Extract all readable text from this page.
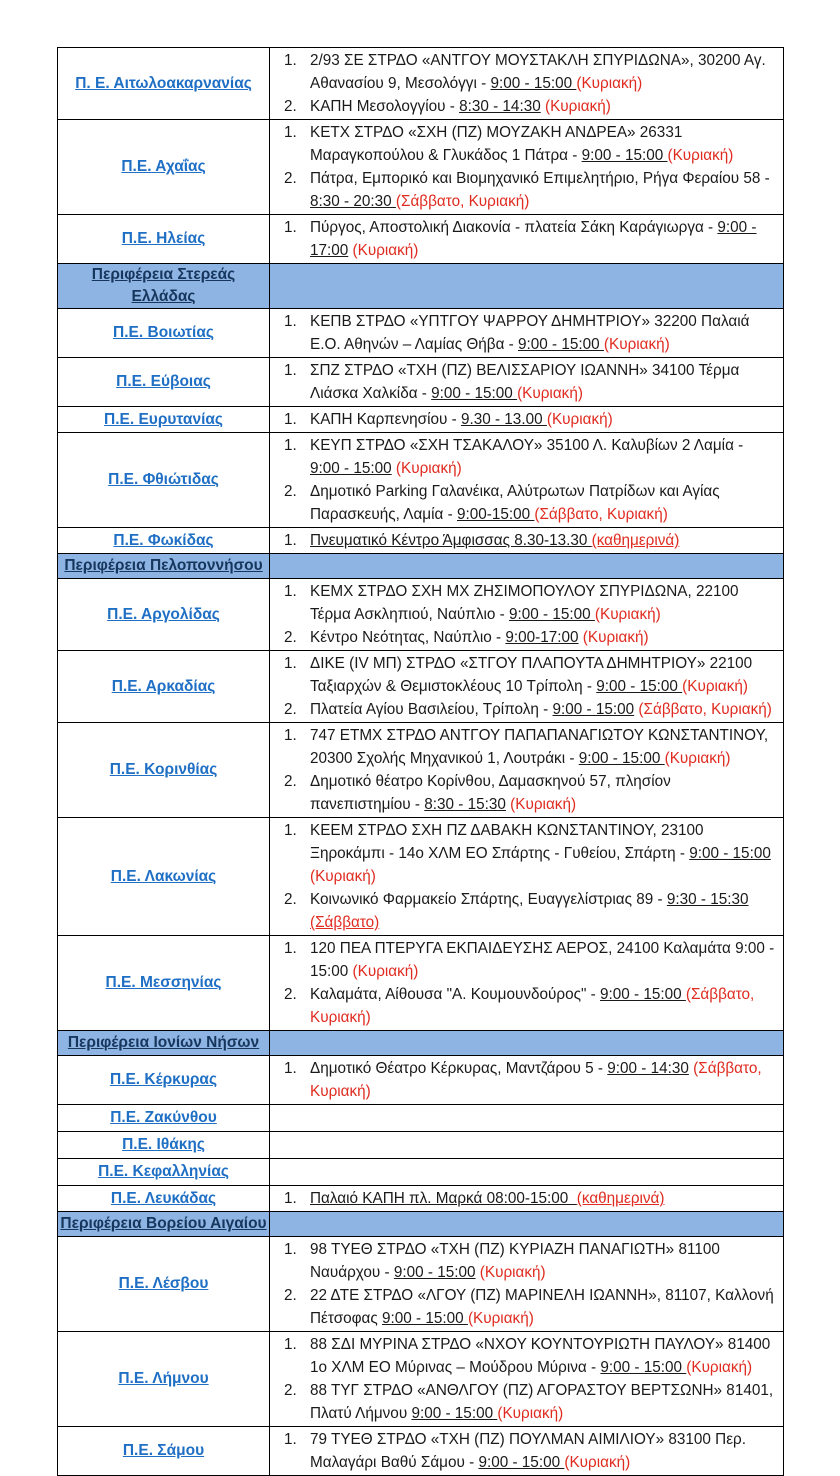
Π. Ε. Αιτωλοακαρνανίας	1. 2/93 ΣΕ ΣΤΡΔΟ «ΑΝΤΓΟΥ ΜΟΥΣΤΑΚΛΗ ΣΠΥΡΙΔΩΝΑ», 30200 Αγ. Αθανασίου 9, Μεσολόγγι - 9:00 - 15:00 (Κυριακή)
2. ΚΑΠΗ Μεσολογγίου - 8:30 - 14:30 (Κυριακή)

Π.Ε. Αχαΐας	1. ΚΕΤΧ ΣΤΡΔΟ «ΣΧΗ (ΠΖ) ΜΟΥΖΑΚΗ ΑΝΔΡΕΑ» 26331 Μαραγκοπούλου & Γλυκάδος 1 Πάτρα - 9:00 - 15:00 (Κυριακή)
2. Πάτρα, Εμπορικό και Βιομηχανικό Επιμελητήριο, Ρήγα Φεραίου 58 - 8:30 - 20:30 (Σάββατο, Κυριακή)

Π.Ε. Ηλείας	1. Πύργος, Αποστολική Διακονία - πλατεία Σάκη Καράγιωργα - 9:00 - 17:00 (Κυριακή)

Περιφέρεια Στερεάς Ελλάδας	
Π.Ε. Βοιωτίας	1. ΚΕΠΒ ΣΤΡΔΟ «ΥΠΤΓΟΥ ΨΑΡΡΟΥ ΔΗΜΗΤΡΙΟΥ» 32200 Παλαιά Ε.Ο. Αθηνών – Λαμίας Θήβα - 9:00 - 15:00 (Κυριακή)

Π.Ε. Εύβοιας	1. ΣΠΖ ΣΤΡΔΟ «ΤΧΗ (ΠΖ) ΒΕΛΙΣΣΑΡΙΟΥ ΙΩΑΝΝΗ» 34100 Τέρμα Λιάσκα Χαλκίδα - 9:00 - 15:00 (Κυριακή)

Π.Ε. Ευρυτανίας	1. ΚΑΠΗ Καρπενησίου - 9.30 - 13.00 (Κυριακή)

Π.Ε. Φθιώτιδας	1. ΚΕΥΠ ΣΤΡΔΟ «ΣΧΗ ΤΣΑΚΑΛΟΥ» 35100 Λ. Καλυβίων 2 Λαμία - 9:00 - 15:00 (Κυριακή)
2. Δημοτικό Parking Γαλανέικα, Αλύτρωτων Πατρίδων και Αγίας Παρασκευής, Λαμία - 9:00-15:00 (Σάββατο, Κυριακή)

Π.Ε. Φωκίδας	1. Πνευματικό Κέντρο Άμφισσας 8.30-13.30 (καθημερινά)

Περιφέρεια Πελοποννήσου	
Π.Ε. Αργολίδας	1. ΚΕΜΧ ΣΤΡΔΟ ΣΧΗ ΜΧ ΖΗΣΙΜΟΠΟΥΛΟΥ ΣΠΥΡΙΔΩΝΑ, 22100 Τέρμα Ασκληπιού, Ναύπλιο - 9:00 - 15:00 (Κυριακή)
2. Κέντρο Νεότητας, Ναύπλιο - 9:00-17:00 (Κυριακή)

Π.Ε. Αρκαδίας	1. ΔΙΚΕ (IV ΜΠ) ΣΤΡΔΟ «ΣΤΓΟΥ ΠΛΑΠΟΥΤΑ ΔΗΜΗΤΡΙΟΥ» 22100 Ταξιαρχών & Θεμιστοκλέους 10 Τρίπολη - 9:00 - 15:00 (Κυριακή)
2. Πλατεία Αγίου Βασιλείου, Τρίπολη - 9:00 - 15:00 (Σάββατο, Κυριακή)

Π.Ε. Κορινθίας	1. 747 ΕΤΜΧ ΣΤΡΔΟ ΑΝΤΓΟΥ ΠΑΠΑΠΑΝΑΓΙΩΤΟΥ ΚΩΝΣΤΑΝΤΙΝΟΥ, 20300 Σχολής Μηχανικού 1, Λουτράκι - 9:00 - 15:00 (Κυριακή)
2. Δημοτικό θέατρο Κορίνθου, Δαμασκηνού 57, πλησίον πανεπιστημίου - 8:30 - 15:30 (Κυριακή)

Π.Ε. Λακωνίας	1. ΚΕΕΜ ΣΤΡΔΟ ΣΧΗ ΠΖ ΔΑΒΑΚΗ ΚΩΝΣΤΑΝΤΙΝΟΥ, 23100 Ξηροκάμπι - 14ο ΧΛΜ ΕΟ Σπάρτης - Γυθείου, Σπάρτη - 9:00 - 15:00 (Κυριακή)
2. Κοινωνικό Φαρμακείο Σπάρτης, Ευαγγελίστριας 89 - 9:30 - 15:30 (Σάββατο)

Π.Ε. Μεσσηνίας	1. 120 ΠΕΑ ΠΤΕΡΥΓΑ ΕΚΠΑΙΔΕΥΣΗΣ ΑΕΡΟΣ, 24100 Καλαμάτα 9:00 - 15:00 (Κυριακή)
2. Καλαμάτα, Αίθουσα "Α. Κουμουνδούρος" - 9:00 - 15:00 (Σάββατο, Κυριακή)

Περιφέρεια Ιονίων Νήσων	
Π.Ε. Κέρκυρας	1. Δημοτικό Θέατρο Κέρκυρας, Μαντζάρου 5 - 9:00 - 14:30 (Σάββατο, Κυριακή)

Π.Ε. Ζακύνθου	
Π.Ε. Ιθάκης	
Π.Ε. Κεφαλληνίας	
Π.Ε. Λευκάδας	1. Παλαιό ΚΑΠΗ πλ. Μαρκά 08:00-15:00  (καθημερινά)

Περιφέρεια Βορείου Αιγαίου	
Π.Ε. Λέσβου	1. 98 ΤΥΕΘ ΣΤΡΔΟ «ΤΧΗ (ΠΖ) ΚΥΡΙΑΖΗ ΠΑΝΑΓΙΩΤΗ» 81100 Ναυάρχου - 9:00 - 15:00 (Κυριακή)
2. 22 ΔΤΕ ΣΤΡΔΟ «ΛΓΟΥ (ΠΖ) ΜΑΡΙΝΕΛΗ ΙΩΑΝΝΗ», 81107, Καλλονή Πέτσοφας 9:00 - 15:00 (Κυριακή)

Π.Ε. Λήμνου	1. 88 ΣΔΙ ΜΥΡΙΝΑ ΣΤΡΔΟ «ΝΧΟΥ ΚΟΥΝΤΟΥΡΙΩΤΗ ΠΑΥΛΟΥ» 81400 1ο ΧΛΜ ΕΟ Μύρινας – Μούδρου Μύρινα - 9:00 - 15:00 (Κυριακή)
2. 88 ΤΥΓ ΣΤΡΔΟ «ΑΝΘΛΓΟΥ (ΠΖ) ΑΓΟΡΑΣΤΟΥ ΒΕΡΤΣΩΝΗ» 81401, Πλατύ Λήμνου 9:00 - 15:00 (Κυριακή)

Π.Ε. Σάμου	1. 79 ΤΥΕΘ ΣΤΡΔΟ «ΤΧΗ (ΠΖ) ΠΟΥΛΜΑΝ ΑΙΜΙΛΙΟΥ» 83100 Περ. Μαλαγάρι Βαθύ Σάμου - 9:00 - 15:00 (Κυριακή)
